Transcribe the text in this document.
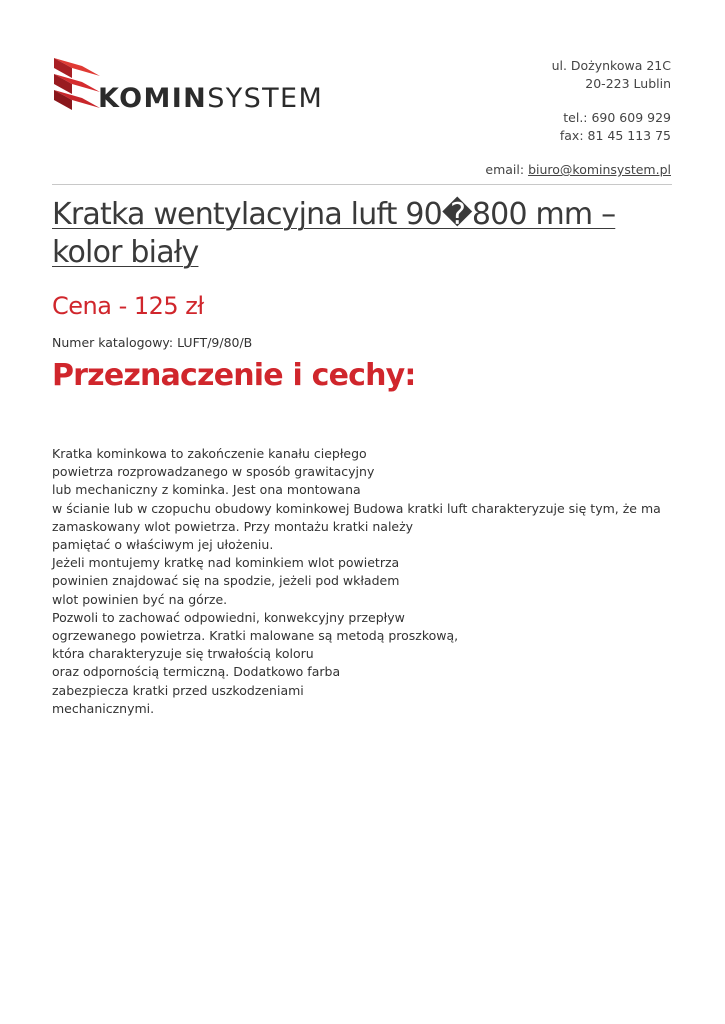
KOMINSYSTEM
ul. Dożynkowa 21C
20-223 Lublin
tel.: 690 609 929
fax: 81 45 113 75
email: biuro@kominsystem.pl
Kratka wentylacyjna luft 90�800 mm – kolor biały
Cena - 125 zł
Numer katalogowy: LUFT/9/80/B
Przeznaczenie i cechy:
Kratka kominkowa to zakończenie kanału ciepłego
powietrza rozprowadzanego w sposób grawitacyjny
lub mechaniczny z kominka. Jest ona montowana
w ścianie lub w czopuchu obudowy kominkowej Budowa kratki luft charakteryzuje się tym, że ma
zamaskowany wlot powietrza. Przy montażu kratki należy
pamiętać o właściwym jej ułożeniu.
Jeżeli montujemy kratkę nad kominkiem wlot powietrza
powinien znajdować się na spodzie, jeżeli pod wkładem
wlot powinien być na górze.
Pozwoli to zachować odpowiedni, konwekcyjny przepływ
ogrzewanego powietrza. Kratki malowane są metodą proszkową,
która charakteryzuje się trwałością koloru
oraz odpornością termiczną. Dodatkowo farba
zabezpiecza kratki przed uszkodzeniami
mechanicznymi.
